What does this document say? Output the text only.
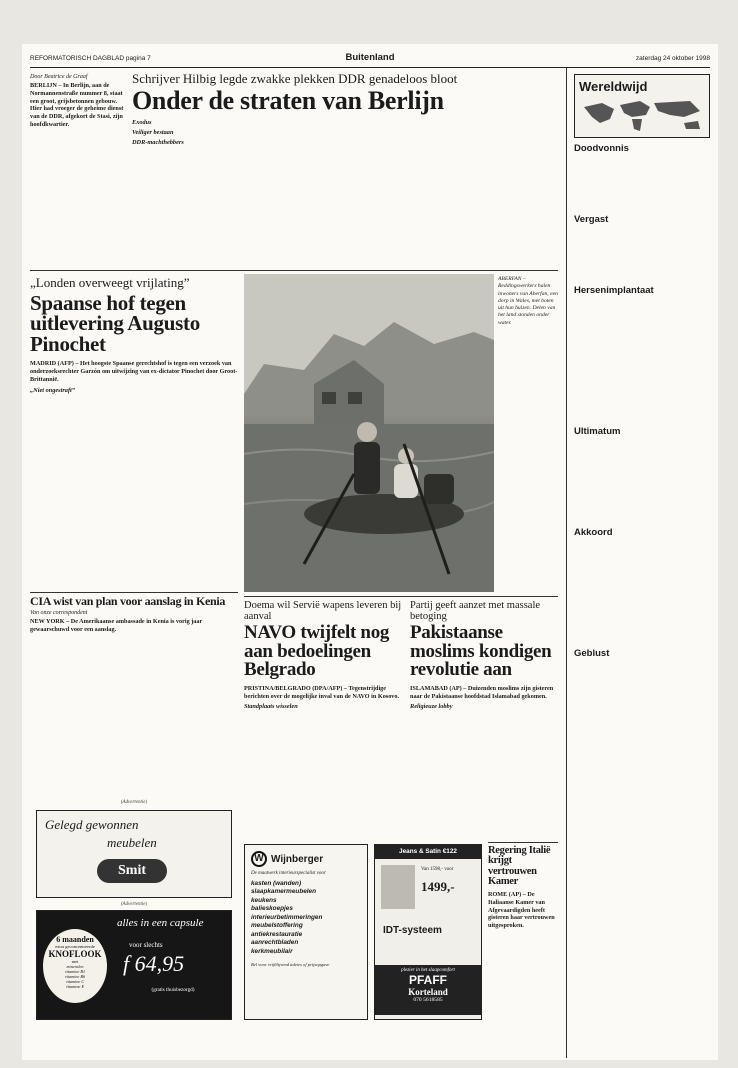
REFORMATORISCH DAGBLAD pagina 7	Buitenland	zaterdag 24 oktober 1998
Door Beatrice de Graaf
BERLIJN – In Berlijn, aan de Normannenstraße nummer 8, staat een groot, grijsbetonnen gebouw. Hier had vroeger de geheime dienst van de DDR, afgekort de Stasi, zijn hoofdkwartier.
Schrijver Hilbig legde zwakke plekken DDR genadeloos bloot
Onder de straten van Berlijn
Exodus
Veiliger bestaan
DDR-machthebbers
„Londen overweegt vrijlating”
Spaanse hof tegen uitlevering Augusto Pinochet
MADRID (AFP) – Het hoogste Spaanse gerechtshof is tegen een verzoek van onderzoeksrechter Garzón om uitwijzing van ex-dictator Pinochet door Groot-Brittannië.
„Niet ongestraft”
ABERFAN – Reddingswerkers halen inwoners van Aberfan, een dorp in Wales, met boten uit hun huizen. Delen van het land stonden onder water.
CIA wist van plan voor aanslag in Kenia
Van onze correspondent
NEW YORK – De Amerikaanse ambassade in Kenia is vorig jaar gewaarschuwd voor een aanslag.
Doema wil Servië wapens leveren bij aanval
NAVO twijfelt nog aan bedoelingen Belgrado
PRISTINA/BELGRADO (DPA/AFP) – Tegenstrijdige berichten over de mogelijke inval van de NAVO in Kosovo.
Standplaats wisselen
Partij geeft aanzet met massale betoging
Pakistaanse moslims kondigen revolutie aan
ISLAMABAD (AP) – Duizenden moslims zijn gisteren naar de Pakistaanse hoofdstad Islamabad gekomen.
Religieuze lobby
(Advertentie)
Gelegd gewonnen
meubelen
Smit
(Advertentie)
6 maanden
extra geconcentreerde
KNOFLOOK
met
mineralen
vitamine B1
vitamine B6
vitamine C
vitamine E
alles in een capsule
voor slechts
f 64,95
(gratis thuisbezorgd)
W Wijnberger
De maatwerk interieurspecialist voor
kasten (wanden)
slaapkamermeubelen
keukens
balieskoepjes
interieurbetimmeringen
meubelstoffering
antiekrestauratie
aanrechtbladen
kerkmeubilair
Bel voor vrijblijvend advies of prijsopgave
Jeans & Satin €122
Van 1598,- voor
1499,-
IDT-systeem
plezier in het slaapcomfort
PFAFF
Korteland
070 5618585
Regering Italië krijgt vertrouwen Kamer
ROME (AP) – De Italiaanse Kamer van Afgevaardigden heeft gisteren haar vertrouwen uitgesproken.
Wereldwijd
Doodvonnis
Vergast
Hersenimplantaat
Ultimatum
Akkoord
Geblust
